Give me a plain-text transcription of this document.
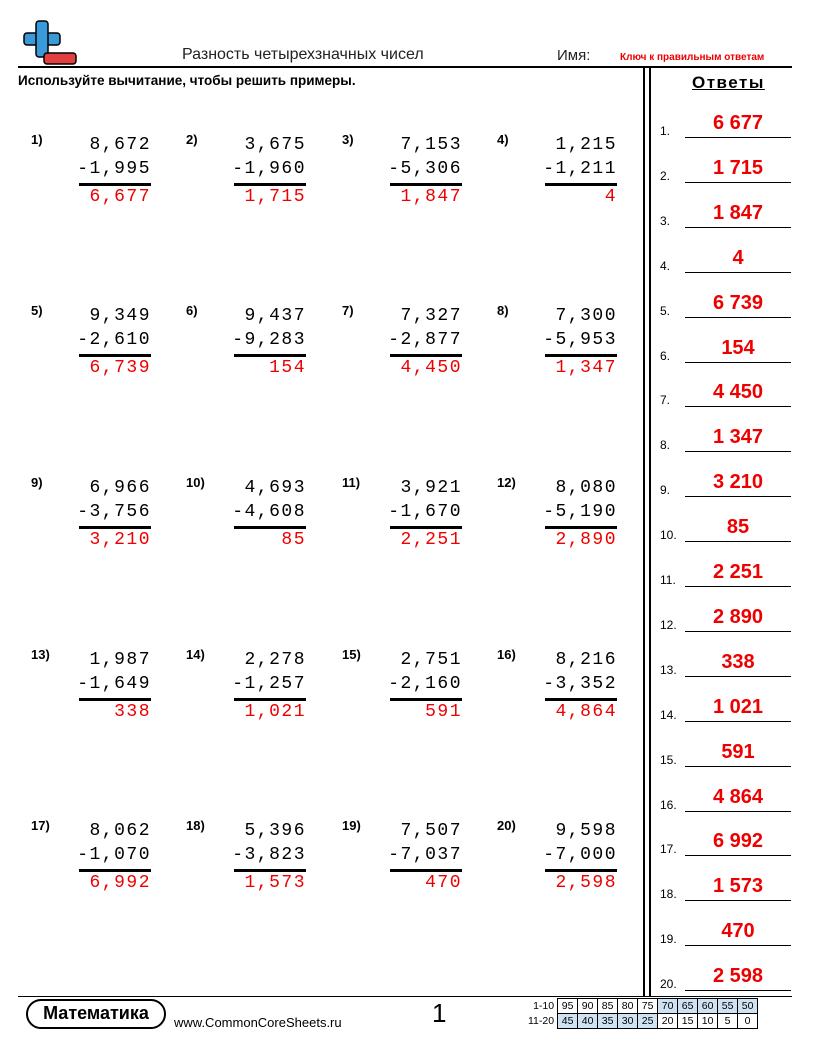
Разность четырехзначных чисел	Имя:	Ключ к правильным ответам
Используйте вычитание, чтобы решить примеры.	Ответы
1.	6 677
2.	1 715
3.	1 847
4.	4
5.	6 739
6.	154
7.	4 450
8.	1 347
9.	3 210
10.	85
11.	2 251
12.	2 890
13.	338
14.	1 021
15.	591
16.	4 864
17.	6 992
18.	1 573
19.	470
20.	2 598
1)	8,672
-1,995
6,677
2)	3,675
-1,960
1,715
3)	7,153
-5,306
1,847
4)	1,215
-1,211
4
5)	9,349
-2,610
6,739
6)	9,437
-9,283
154
7)	7,327
-2,877
4,450
8)	7,300
-5,953
1,347
9)	6,966
-3,756
3,210
10)	4,693
-4,608
85
11)	3,921
-1,670
2,251
12)	8,080
-5,190
2,890
13)	1,987
-1,649
338
14)	2,278
-1,257
1,021
15)	2,751
-2,160
591
16)	8,216
-3,352
4,864
17)	8,062
-1,070
6,992
18)	5,396
-3,823
1,573
19)	7,507
-7,037
470
20)	9,598
-7,000
2,598
Математика	www.CommonCoreSheets.ru	1	1-10	95	90	85	80	75	70	65	60	55	50
11-20	45	40	35	30	25	20	15	10	5	0
